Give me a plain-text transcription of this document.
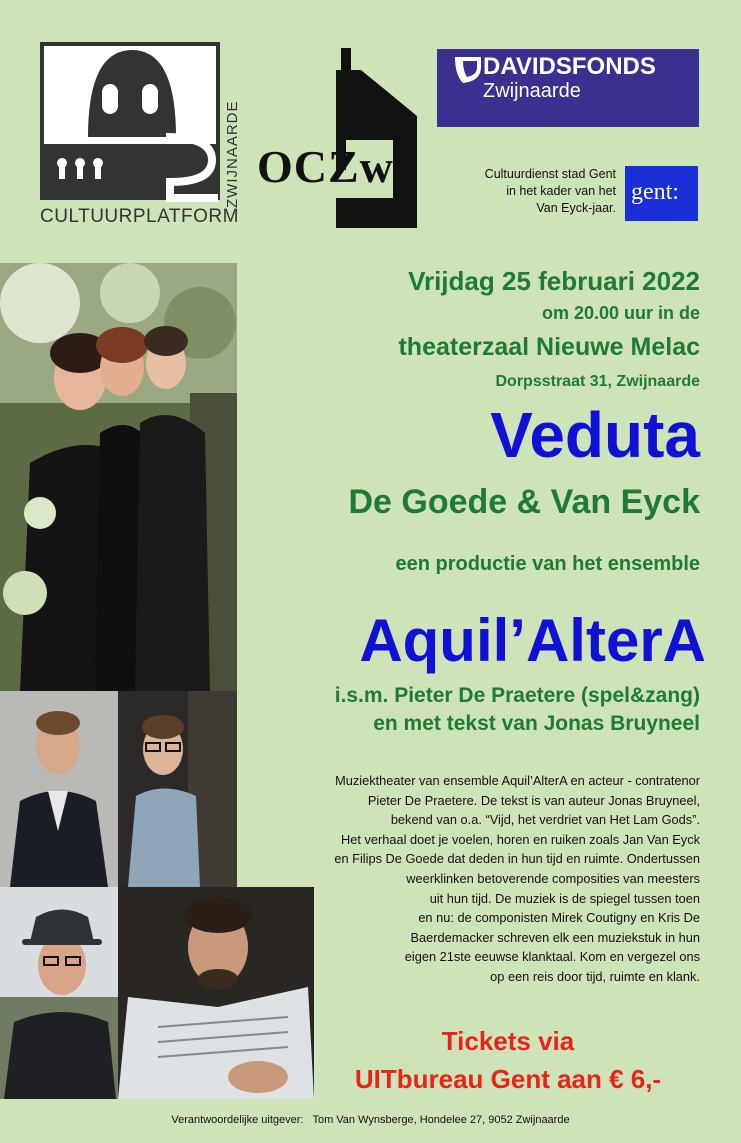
ZWIJNAARDE
CULTUURPLATFORM
OCZw
DAVIDSFONDS
Zwijnaarde
Cultuurdienst stad Gent
in het kader van het
Van Eyck-jaar.
gent:
Vrijdag 25 februari 2022
om 20.00 uur in de
theaterzaal Nieuwe Melac
Dorpsstraat 31, Zwijnaarde
Veduta
De Goede & Van Eyck
een productie van het ensemble
Aquil’AlterA
i.s.m. Pieter De Praetere (spel&zang)
en met tekst van Jonas Bruyneel
Muziektheater van ensemble Aquil’AlterA en acteur - contratenor
Pieter De Praetere. De tekst is van auteur Jonas Bruyneel,
bekend van o.a. “Vijd, het verdriet van Het Lam Gods”.
Het verhaal doet je voelen, horen en ruiken zoals Jan Van Eyck
en Filips De Goede dat deden in hun tijd en ruimte. Ondertussen
weerklinken betoverende composities van meesters
uit hun tijd. De muziek is de spiegel tussen toen
en nu: de componisten Mirek Coutigny en Kris De
Baerdemacker schreven elk een muziekstuk in hun
eigen 21ste eeuwse klanktaal. Kom en vergezel ons
op een reis door tijd, ruimte en klank.
Tickets via
UITbureau Gent aan € 6,-
Verantwoordelijke uitgever:   Tom Van Wynsberge, Hondelee 27, 9052 Zwijnaarde
